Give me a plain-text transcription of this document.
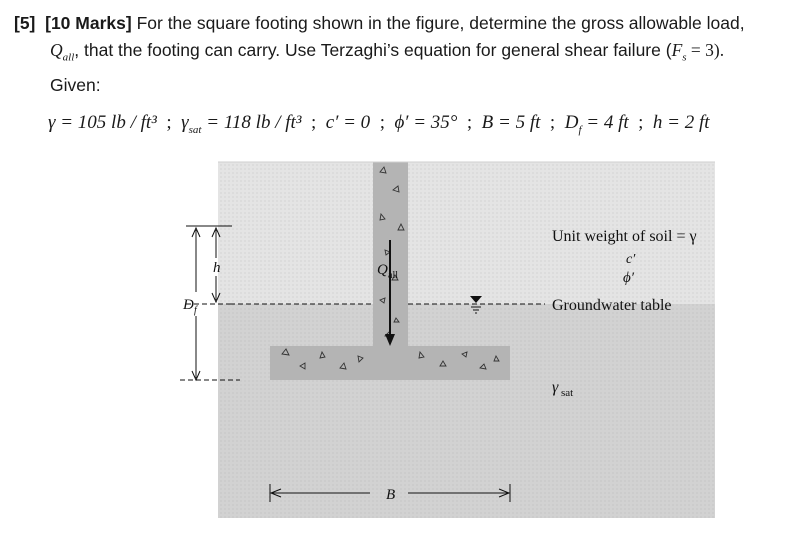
[5] [10 Marks] For the square footing shown in the figure, determine the gross allowable load,
$Q_{all}$, that the footing can carry. Use Terzaghi’s equation for general shear failure $(F_s = 3)$.
Given:
γ = 105 lb / ft³ ; $\gamma_{sat} = 118$ lb / ft³ ; c′ = 0 ; ϕ′ = 35° ; B = 5 ft ; $D_f = 4$ ft ; h = 2 ft
Q all
h
D f
B
Unit weight of soil = γ
c′
ϕ′
Groundwater table
γ sat
